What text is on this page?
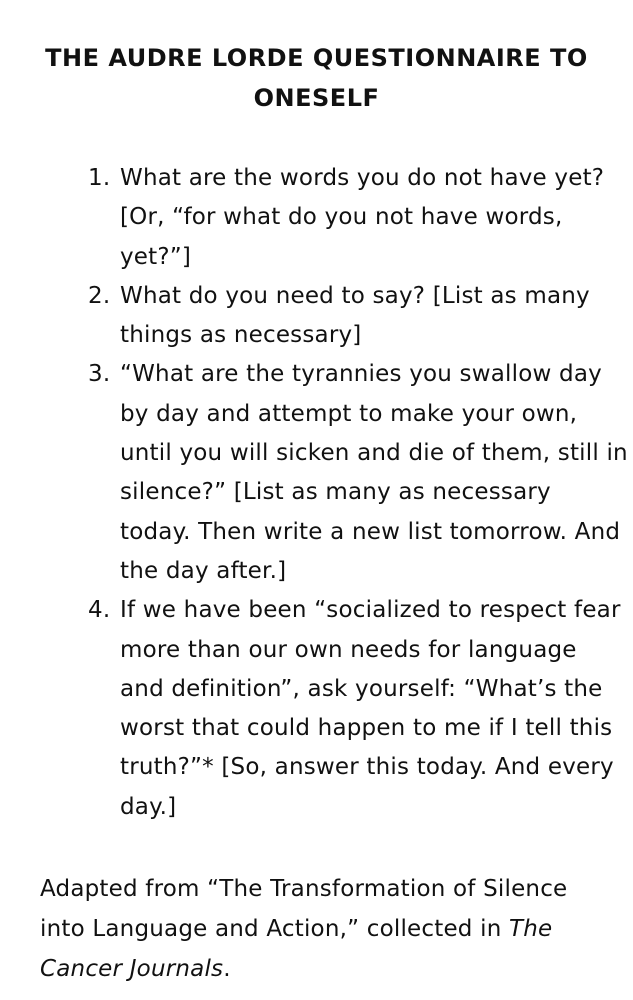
THE AUDRE LORDE QUESTIONNAIRE TO ONESELF
1. What are the words you do not have yet? [Or, “for what do you not have words, yet?”]
2. What do you need to say? [List as many things as necessary]
3. “What are the tyrannies you swallow day by day and attempt to make your own, until you will sicken and die of them, still in silence?” [List as many as necessary today. Then write a new list tomorrow. And the day after.]
4. If we have been “socialized to respect fear more than our own needs for language and definition”, ask yourself: “What’s the worst that could happen to me if I tell this truth?”* [So, answer this today. And every day.]

Adapted from “The Transformation of Silence into Language and Action,” collected in The Cancer Journals.
